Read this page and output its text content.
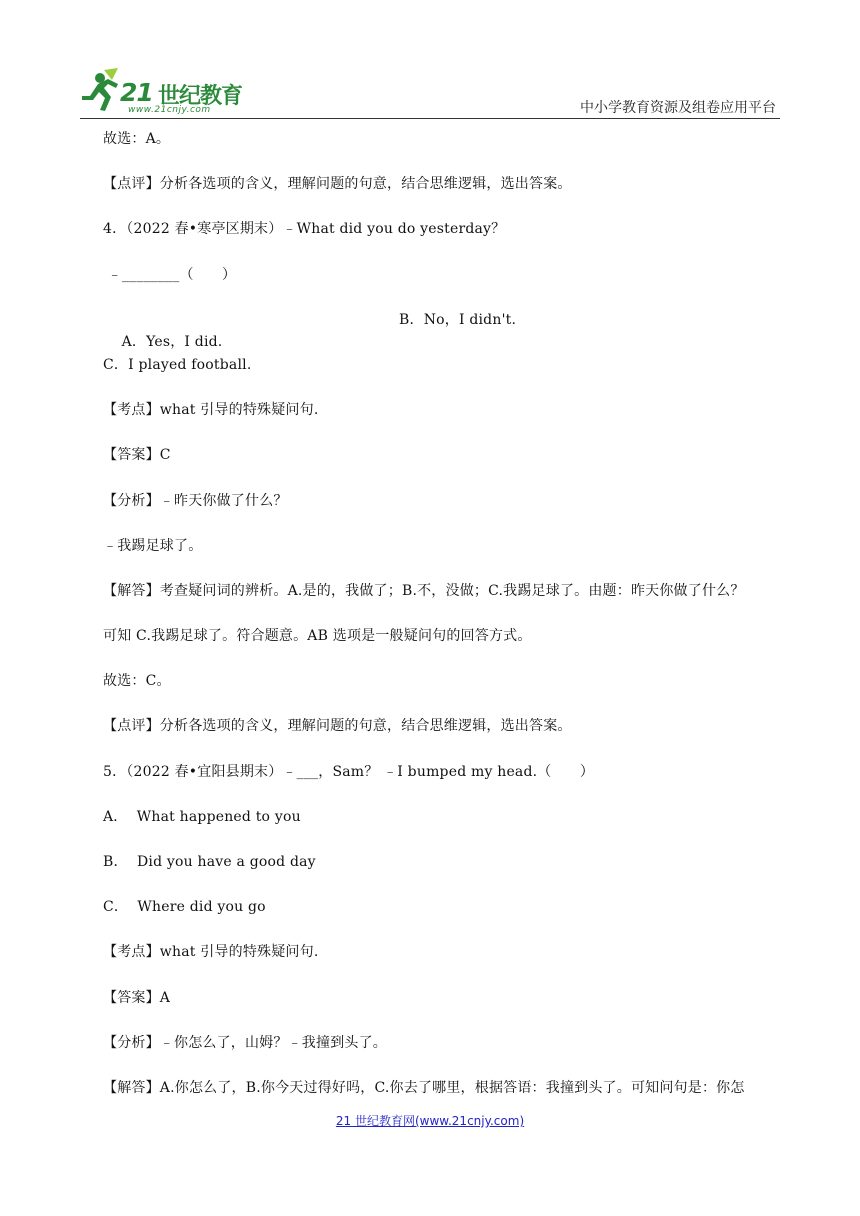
21 世纪教育
www.21cnjy.com	中小学教育资源及组卷应用平台
故选：A。
【点评】分析各选项的含义，理解问题的句意，结合思维逻辑，选出答案。
4．（2022 春•寒亭区期末）﹣What did you do yesterday？
﹣________（　　）

A．Yes，I did.

B．No，I didn't.

C．I played football.
【考点】what 引导的特殊疑问句.
【答案】C
【分析】﹣昨天你做了什么？
﹣我踢足球了。
【解答】考查疑问词的辨析。A.是的，我做了；B.不，没做；C.我踢足球了。由题：昨天你做了什么？
可知 C.我踢足球了。符合题意。AB 选项是一般疑问句的回答方式。
故选：C。
【点评】分析各选项的含义，理解问题的句意，结合思维逻辑，选出答案。
5．（2022 春•宜阳县期末）﹣___，Sam？ ﹣I bumped my head.（　　）
A．  What happened to you
B．  Did you have a good day
C．  Where did you go
【考点】what 引导的特殊疑问句.
【答案】A
【分析】﹣你怎么了，山姆？﹣我撞到头了。
【解答】A.你怎么了，B.你今天过得好吗，C.你去了哪里，根据答语：我撞到头了。可知问句是：你怎
21 世纪教育网(www.21cnjy.com)
